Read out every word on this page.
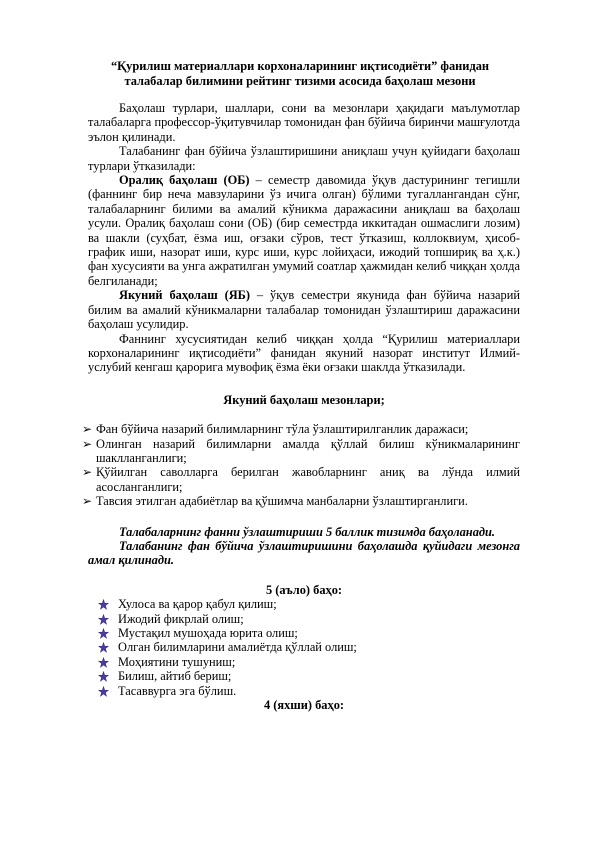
“Қурилиш материаллари корхоналарининг иқтисодиёти” фанидан
талабалар билимини рейтинг тизими асосида баҳолаш мезони

Баҳолаш турлари, шаллари, сони ва мезонлари ҳақидаги маълумотлар талабаларга профессор-ўқитувчилар томонидан фан бўйича биринчи машғулотда эълон қилинади.

Талабанинг фан бўйича ўзлаштиришини аниқлаш учун қуйидаги баҳолаш турлари ўтказилади:

Оралиқ баҳолаш (ОБ) – семестр давомида ўқув дастурининг тегишли (фаннинг бир неча мавзуларини ўз ичига олган) бўлими тугаллангандан сўнг, талабаларнинг билими ва амалий кўникма даражасини аниқлаш ва баҳолаш усули. Оралиқ баҳолаш сони (ОБ) (бир семестрда иккитадан ошмаслиги лозим) ва шакли (суҳбат, ёзма иш, оғзаки сўров, тест ўтказиш, коллоквиум, ҳисоб-график иши, назорат иши, курс иши, курс лойиҳаси, ижодий топшириқ ва ҳ.к.) фан хусусияти ва унга ажратилган умумий соатлар ҳажмидан келиб чиққан ҳолда белгиланади;

Якуний баҳолаш (ЯБ) – ўқув семестри якунида фан бўйича назарий билим ва амалий кўникмаларни талабалар томонидан ўзлаштириш даражасини баҳолаш усулидир.

Фаннинг хусусиятидан келиб чиққан ҳолда “Қурилиш материаллари корхоналарининг иқтисодиёти” фанидан якуний назорат институт Илмий-услубий кенгаш қарорига мувофиқ ёзма ёки оғзаки шаклда ўтказилади.

Якуний баҳолаш мезонлари;
➢ Фан бўйича назарий билимларнинг тўла ўзлаштирилганлик даражаси;
➢ Олинган назарий билимларни амалда қўллай билиш кўникмаларининг шаклланганлиги;
➢ Қўйилган саволларга берилган жавобларнинг аниқ ва лўнда илмий асосланганлиги;
➢ Тавсия этилган адабиётлар ва қўшимча манбаларни ўзлаштирганлиги.

Талабаларнинг фанни ўзлаштириши 5 баллик тизимда баҳоланади.

Талабанинг фан бўйича ўзлаштиришини баҳолашда қуйидаги мезонга амал қилинади.

5 (аъло) баҳо:
Хулоса ва қарор қабул қилиш;
Ижодий фикрлай олиш;
Мустақил мушоҳада юрита олиш;
Олган билимларини амалиётда қўллай олиш;
Моҳиятини тушуниш;
Билиш, айтиб бериш;
Тасаввурга эга бўлиш.
4 (яхши) баҳо:
